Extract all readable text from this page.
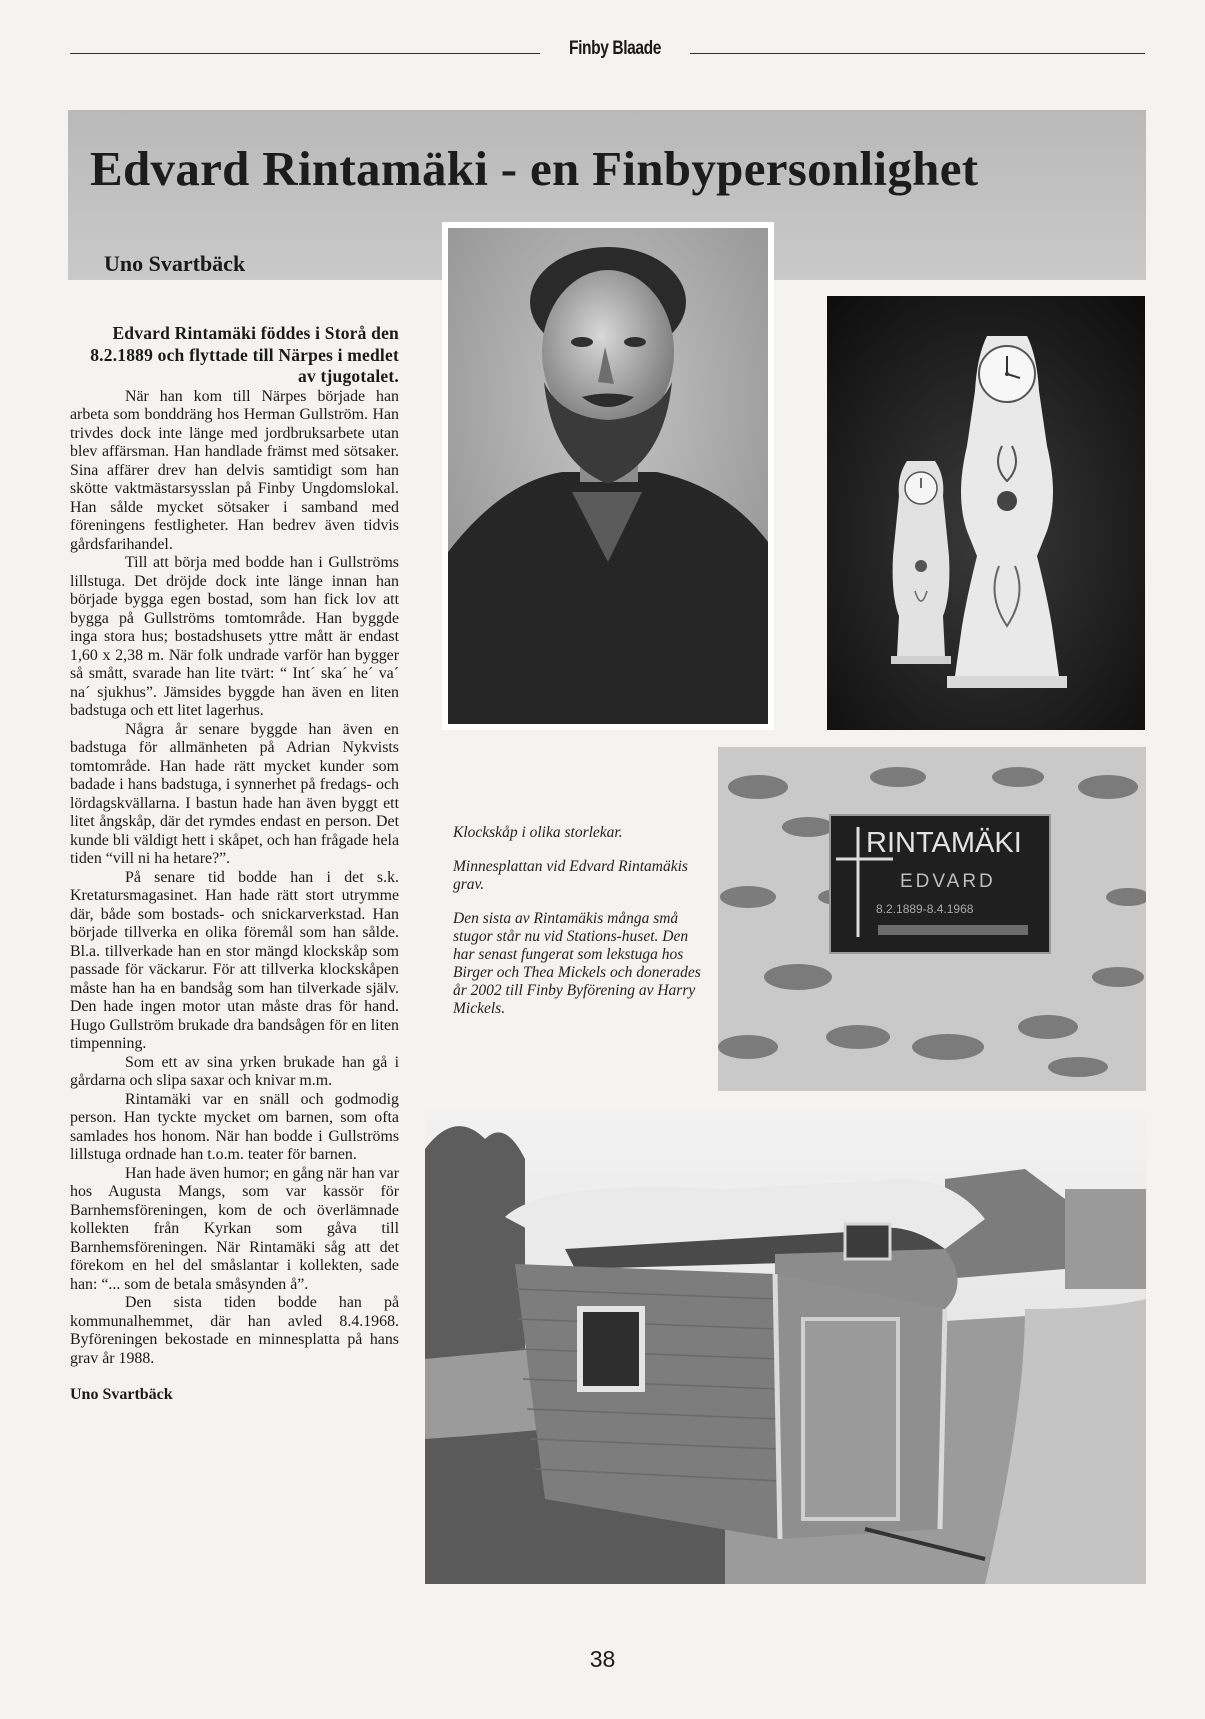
Finby Blaade
Edvard Rintamäki - en Finbypersonlighet
Uno Svartbäck
RINTAMÄKI
EDVARD
8.2.1889-8.4.1968

Edvard Rintamäki föddes i Storå den 8.2.1889 och flyttade till Närpes i medlet av tjugotalet.

När han kom till Närpes började han arbeta som bonddräng hos Herman Gullström. Han trivdes dock inte länge med jordbruksarbete utan blev affärsman. Han handlade främst med sötsaker. Sina affärer drev han delvis samtidigt som han skötte vaktmästarsysslan på Finby Ungdomslokal. Han sålde mycket sötsaker i samband med föreningens festligheter. Han bedrev även tidvis gårdsfarihandel.

Till att börja med bodde han i Gullströms lillstuga. Det dröjde dock inte länge innan han började bygga egen bostad, som han fick lov att bygga på Gullströms tomtområde. Han byggde inga stora hus; bostadshusets yttre mått är endast 1,60 x 2,38 m. När folk undrade varför han bygger så smått, svarade han lite tvärt: “ Int´ ska´ he´ va´ na´ sjukhus”. Jämsides byggde han även en liten badstuga och ett litet lagerhus.

Några år senare byggde han även en badstuga för allmänheten på Adrian Nykvists tomtområde. Han hade rätt mycket kunder som badade i hans badstuga, i synnerhet på fredags- och lördagskvällarna. I bastun hade han även byggt ett litet ångskåp, där det rymdes endast en person. Det kunde bli väldigt hett i skåpet, och han frågade hela tiden “vill ni ha hetare?”.

På senare tid bodde han i det s.k. Kretatursmagasinet. Han hade rätt stort utrymme där, både som bostads- och snickarverkstad. Han började tillverka en olika föremål som han sålde. Bl.a. tillverkade han en stor mängd klockskåp som passade för väckarur. För att tillverka klockskåpen måste han ha en bandsåg som han tilverkade själv. Den hade ingen motor utan måste dras för hand. Hugo Gullström brukade dra bandsågen för en liten timpenning.

Som ett av sina yrken brukade han gå i gårdarna och slipa saxar och knivar m.m.

Rintamäki var en snäll och godmodig person. Han tyckte mycket om barnen, som ofta samlades hos honom. När han bodde i Gullströms lillstuga ordnade han t.o.m. teater för barnen.

Han hade även humor; en gång när han var hos Augusta Mangs, som var kassör för Barnhemsföreningen, kom de och överlämnade kollekten från Kyrkan som gåva till Barnhemsföreningen. När Rintamäki såg att det förekom en hel del småslantar i kollekten, sade han: “... som de betala småsynden å”.

Den sista tiden bodde han på kommunalhemmet, där han avled 8.4.1968. Byföreningen bekostade en minnesplatta på hans grav år 1988.

Uno Svartbäck

Klockskåp i olika storlekar.

Minnesplattan vid Edvard Rintamäkis grav.

Den sista av Rintamäkis många små stugor står nu vid Stations-huset. Den har senast fungerat som lekstuga hos Birger och Thea Mickels och donerades år 2002 till Finby Byförening av Harry Mickels.

38
